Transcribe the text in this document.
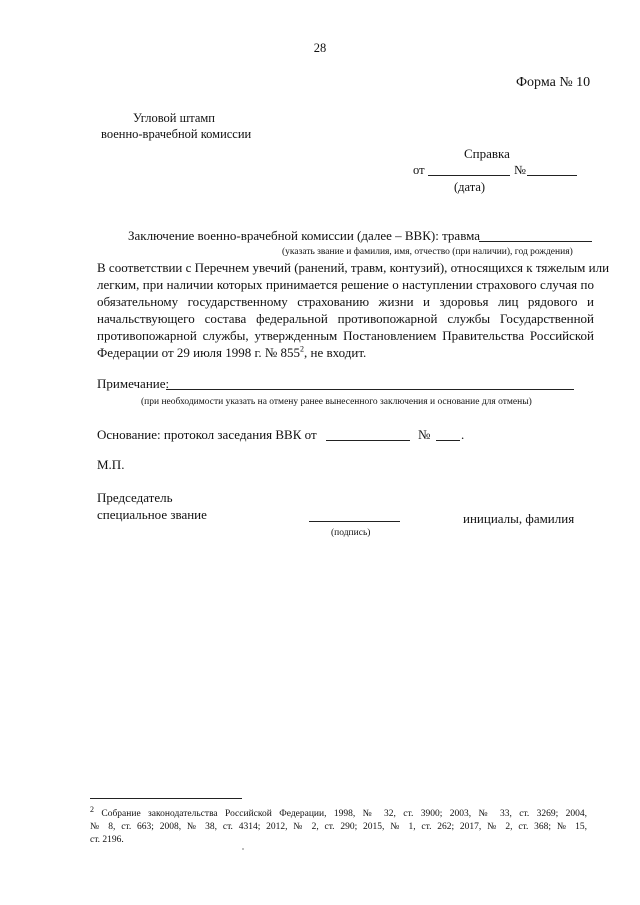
28
Форма № 10
Угловой штамп
военно-врачебной комиссии
Справка
от	№
(дата)
Заключение военно-врачебной комиссии (далее – ВВК): травма
(указать звание и фамилия, имя, отчество (при наличии), год рождения)
В соответствии с Перечнем увечий (ранений, травм, контузий), относящихся к тяжелым или
легким, при наличии которых принимается решение о наступлении страхового случая по
обязательному государственному страхованию жизни и здоровья лиц рядового и
начальствующего состава федеральной противопожарной службы Государственной
противопожарной службы, утвержденным Постановлением Правительства Российской
Федерации от 29 июля 1998 г. № $855^2$, не входит.
Примечание:
(при необходимости указать на отмену ранее вынесенного заключения и основание для отмены)
Основание: протокол заседания ВВК от	№ .
М.П.
Председатель
специальное звание	инициалы, фамилия
(подпись)
$^2$ Собрание законодательства Российской Федерации, 1998, № 32, ст. 3900; 2003, № 33, ст. 3269; 2004,
№ 8, ст. 663; 2008, № 38, ст. 4314; 2012, № 2, ст. 290; 2015, № 1, ст. 262; 2017, № 2, ст. 368; № 15,
ст. 2196.
